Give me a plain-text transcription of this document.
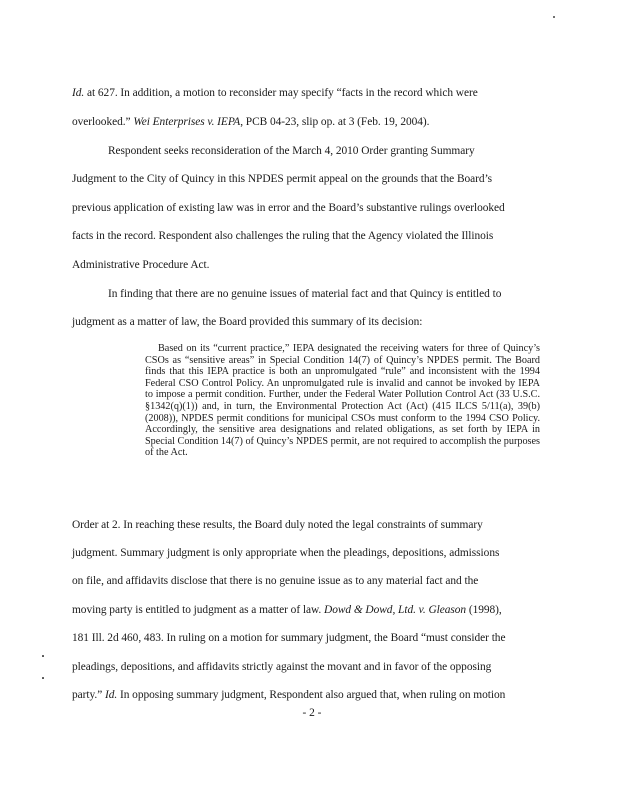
Id. at 627. In addition, a motion to reconsider may specify “facts in the record which were
overlooked.” Wei Enterprises v. IEPA, PCB 04-23, slip op. at 3 (Feb. 19, 2004).
Respondent seeks reconsideration of the March 4, 2010 Order granting Summary
Judgment to the City of Quincy in this NPDES permit appeal on the grounds that the Board’s
previous application of existing law was in error and the Board’s substantive rulings overlooked
facts in the record. Respondent also challenges the ruling that the Agency violated the Illinois
Administrative Procedure Act.
In finding that there are no genuine issues of material fact and that Quincy is entitled to
judgment as a matter of law, the Board provided this summary of its decision:
Based on its “current practice,” IEPA designated the receiving waters for three of Quincy’s CSOs as “sensitive areas” in Special Condition 14(7) of Quincy’s NPDES permit. The Board finds that this IEPA practice is both an unpromulgated “rule” and inconsistent with the 1994 Federal CSO Control Policy. An unpromulgated rule is invalid and cannot be invoked by IEPA to impose a permit condition. Further, under the Federal Water Pollution Control Act (33 U.S.C. §1342(q)(1)) and, in turn, the Environmental Protection Act (Act) (415 ILCS 5/11(a), 39(b) (2008)), NPDES permit conditions for municipal CSOs must conform to the 1994 CSO Policy. Accordingly, the sensitive area designations and related obligations, as set forth by IEPA in Special Condition 14(7) of Quincy’s NPDES permit, are not required to accomplish the purposes of the Act.
Order at 2. In reaching these results, the Board duly noted the legal constraints of summary
judgment. Summary judgment is only appropriate when the pleadings, depositions, admissions
on file, and affidavits disclose that there is no genuine issue as to any material fact and the
moving party is entitled to judgment as a matter of law. Dowd & Dowd, Ltd. v. Gleason (1998),
181 Ill. 2d 460, 483. In ruling on a motion for summary judgment, the Board “must consider the
pleadings, depositions, and affidavits strictly against the movant and in favor of the opposing
party.” Id. In opposing summary judgment, Respondent also argued that, when ruling on motion
- 2 -
